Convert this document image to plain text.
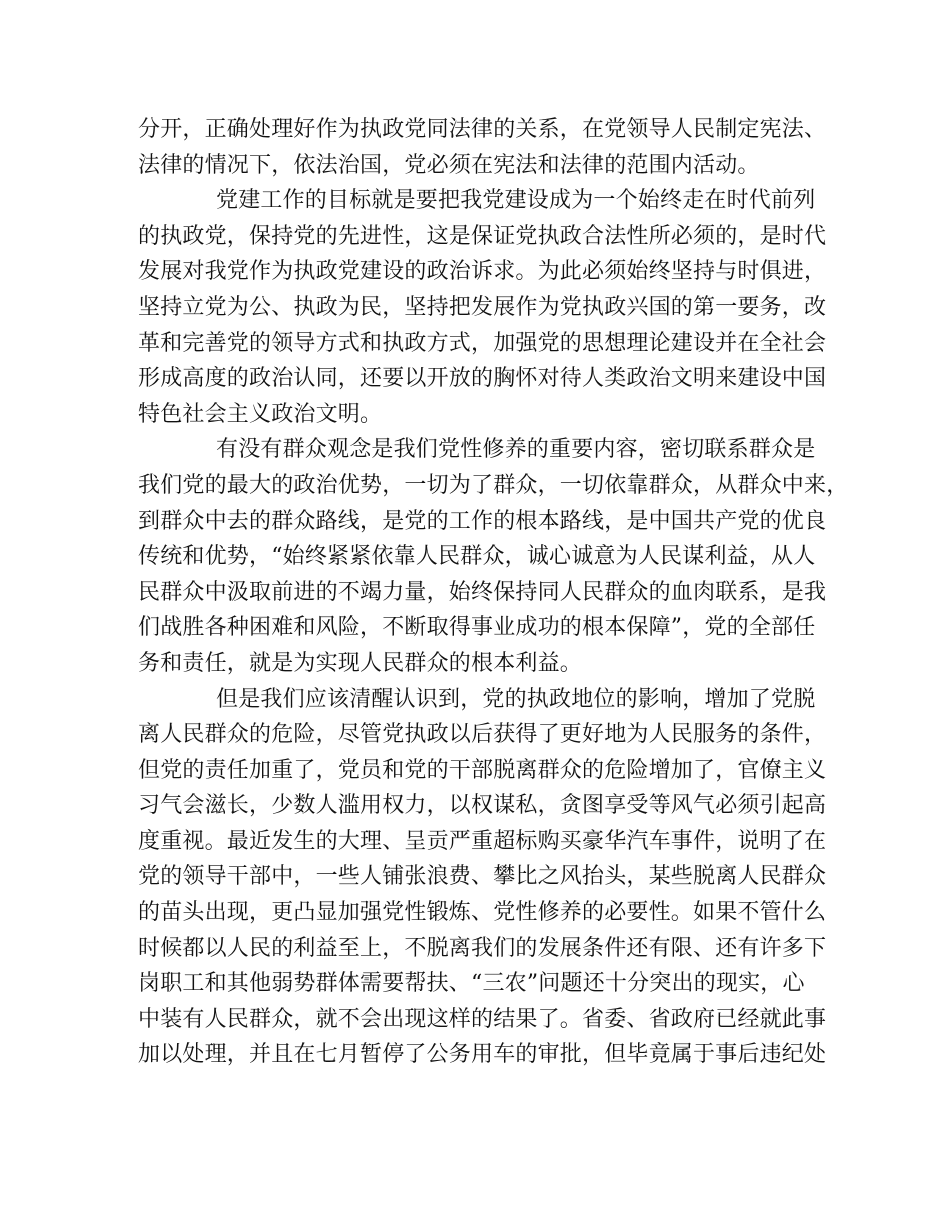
分开，正确处理好作为执政党同法律的关系，在党领导人民制定宪法、
法律的情况下，依法治国，党必须在宪法和法律的范围内活动。
党建工作的目标就是要把我党建设成为一个始终走在时代前列
的执政党，保持党的先进性，这是保证党执政合法性所必须的，是时代
发展对我党作为执政党建设的政治诉求。为此必须始终坚持与时俱进，
坚持立党为公、执政为民，坚持把发展作为党执政兴国的第一要务，改
革和完善党的领导方式和执政方式，加强党的思想理论建设并在全社会
形成高度的政治认同，还要以开放的胸怀对待人类政治文明来建设中国
特色社会主义政治文明。
有没有群众观念是我们党性修养的重要内容，密切联系群众是
我们党的最大的政治优势，一切为了群众，一切依靠群众，从群众中来，
到群众中去的群众路线，是党的工作的根本路线，是中国共产党的优良
传统和优势，“始终紧紧依靠人民群众，诚心诚意为人民谋利益，从人
民群众中汲取前进的不竭力量，始终保持同人民群众的血肉联系，是我
们战胜各种困难和风险，不断取得事业成功的根本保障”，党的全部任
务和责任，就是为实现人民群众的根本利益。
但是我们应该清醒认识到，党的执政地位的影响，增加了党脱
离人民群众的危险，尽管党执政以后获得了更好地为人民服务的条件，
但党的责任加重了，党员和党的干部脱离群众的危险增加了，官僚主义
习气会滋长，少数人滥用权力，以权谋私，贪图享受等风气必须引起高
度重视。最近发生的大理、呈贡严重超标购买豪华汽车事件，说明了在
党的领导干部中，一些人铺张浪费、攀比之风抬头，某些脱离人民群众
的苗头出现，更凸显加强党性锻炼、党性修养的必要性。如果不管什么
时候都以人民的利益至上，不脱离我们的发展条件还有限、还有许多下
岗职工和其他弱势群体需要帮扶、“三农”问题还十分突出的现实，心
中装有人民群众，就不会出现这样的结果了。省委、省政府已经就此事
加以处理，并且在七月暂停了公务用车的审批，但毕竟属于事后违纪处
